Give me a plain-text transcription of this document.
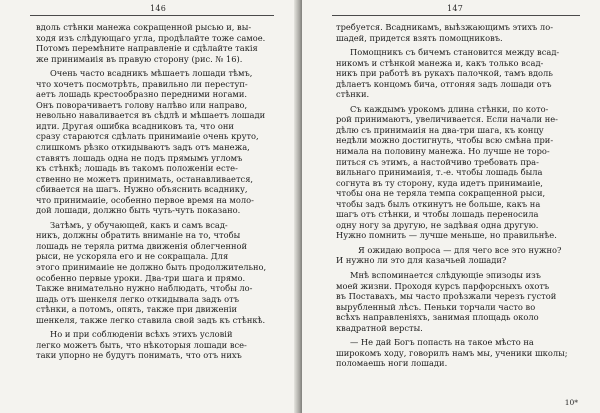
146
вдоль стѣнки манежа сокращенной рысью и, вы-
ходя изъ слѣдующаго угла, продѣлайте тоже самое.
Потомъ перемѣните направленіе и сдѣлайте такія
же принимаиія въ правую сторону (рис. № 16).
Очень часто всадникъ мѣшаетъ лошади тѣмъ,
что хочетъ посмотрѣть, правильно ли переступ-
аетъ лошадь крестообразно передними ногами.
Онъ поворачиваетъ голову налѣво или направо,
невольно наваливается въ сѣдлѣ и мѣшаетъ лошади
идти. Другая ошибка всадниковъ та, что они
сразу стараются сдѣлать принимаиіе очень круто,
слишкомъ рѣзко откидываютъ задъ отъ манежа,
ставятъ лошадь одна не подъ прямымъ угломъ
къ стѣнкѣ; лошадь въ такомъ положеніи есте-
ственно не можетъ принимать, останавливается,
сбивается на шагъ. Нужно объяснить всаднику,
что принимаиіе, особенно первое время на моло-
дой лошади, должно быть чуть-чуть показано.
Затѣмъ, у обучающей, какъ и самъ всад-
никъ, должны обратить вниманіе на то, чтобы
лошадь не теряла ритма движенія облегченной
рыси, не ускоряла его и не сокращала. Для
этого принимаиіе не должно быть продолжительно,
особенно первые уроки. Два-три шага и прямо.
Также внимательно нужно наблюдать, чтобы ло-
шадь отъ шенкеля легко откидывала задъ отъ
стѣнки, а потомъ, опять, также при движеніи
шенкеля, также легко ставила свой задъ къ стѣнкѣ.
Но и при соблюденіи всѣхъ этихъ условій
легко можетъ быть, что нѣкоторыя лошади все-
таки упорно не будутъ понимать, что отъ нихъ
147
требуется. Всадникамъ, выѣзжающимъ этихъ ло-
шадей, придется взять помощниковъ.
Помощникъ съ бичемъ становится между всад-
никомъ и стѣнкой манежа и, какъ только всад-
никъ при работѣ въ рукахъ палочкой, тамъ вдоль
дѣлаетъ концомъ бича, отгоняя задъ лошади отъ
стѣнки.
Съ каждымъ урокомъ длина стѣнки, по кото-
рой принимаютъ, увеличивается. Если начали не-
дѣлю съ принимаиія на два-три шага, къ концу
недѣли можно достигнуть, чтобы всю смѣна при-
нимала на половину манежа. Но лучше не торо-
питься съ этимъ, а настойчиво требовать пра-
вильнаго принимаиія, т.-е. чтобы лошадь была
согнута въ ту сторону, куда идетъ принимаиіе,
чтобы она не теряла темпа сокращенной рыси,
чтобы задъ былъ откинутъ не больше, какъ на
шагъ отъ стѣнки, и чтобы лошадь переносила
одну ногу за другую, не задѣвая одна другую.
Нужно помнить — лучше меньше, но правильнѣе.
Я ожидаю вопроса — для чего все это нужно?
И нужно ли это для казачьей лошади?
Мнѣ вспоминается слѣдующіе эпизоды изъ
моей жизни. Проходя курсъ парфорсныхъ охотъ
въ Поставахъ, мы часто проѣзжали черезъ густой
вырубленный лѣсъ. Пеньки торчали часто во
всѣхъ направленіяхъ, занимая площадь около
квадратной версты.
— Не дай Богъ попасть на такое мѣсто на
широкомъ ходу, говорилъ намъ мы, ученики школы;
поломаешь ноги лошади.
10*
